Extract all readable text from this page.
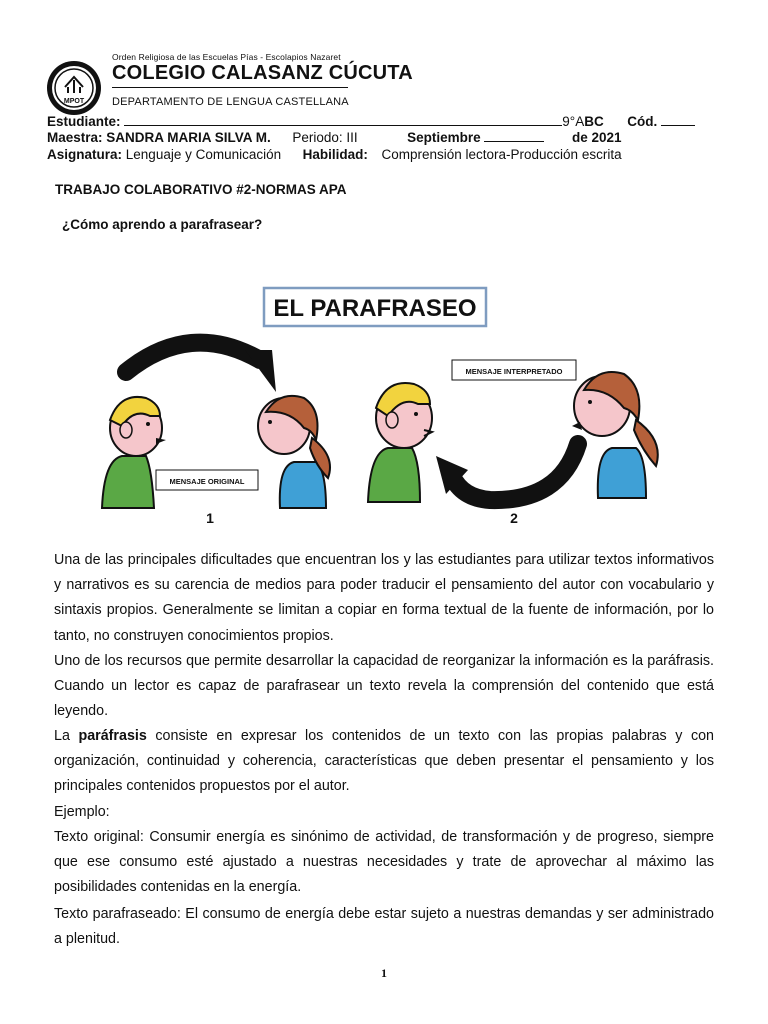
MPOT
Orden Religiosa de las Escuelas Pías - Escolapios Nazaret
COLEGIO CALASANZ CÚCUTA
DEPARTAMENTO DE LENGUA CASTELLANA
Estudiante:	9°ABC Cód.
Maestra: SANDRA MARIA SILVA M. Periodo: III	Septiembre	de 2021
Asignatura: Lenguaje y Comunicación Habilidad: Comprensión lectora-Producción escrita
TRABAJO COLABORATIVO #2-NORMAS APA
¿Cómo aprendo a parafrasear?
EL PARAFRASEO
MENSAJE ORIGINAL
1
MENSAJE INTERPRETADO
2
Una de las principales dificultades que encuentran los y las estudiantes para utilizar textos informativos y narrativos es su carencia de medios para poder traducir el pensamiento del autor con vocabulario y sintaxis propios. Generalmente se limitan a copiar en forma textual de la fuente de información, por lo tanto, no construyen conocimientos propios.
Uno de los recursos que permite desarrollar la capacidad de reorganizar la información es la paráfrasis. Cuando un lector es capaz de parafrasear un texto revela la comprensión del contenido que está leyendo.
La paráfrasis consiste en expresar los contenidos de un texto con las propias palabras y con organización, continuidad y coherencia, características que deben presentar el pensamiento y los principales contenidos propuestos por el autor.
Ejemplo:
Texto original: Consumir energía es sinónimo de actividad, de transformación y de progreso, siempre que ese consumo esté ajustado a nuestras necesidades y trate de aprovechar al máximo las posibilidades contenidas en la energía.
Texto parafraseado: El consumo de energía debe estar sujeto a nuestras demandas y ser administrado a plenitud.
1
